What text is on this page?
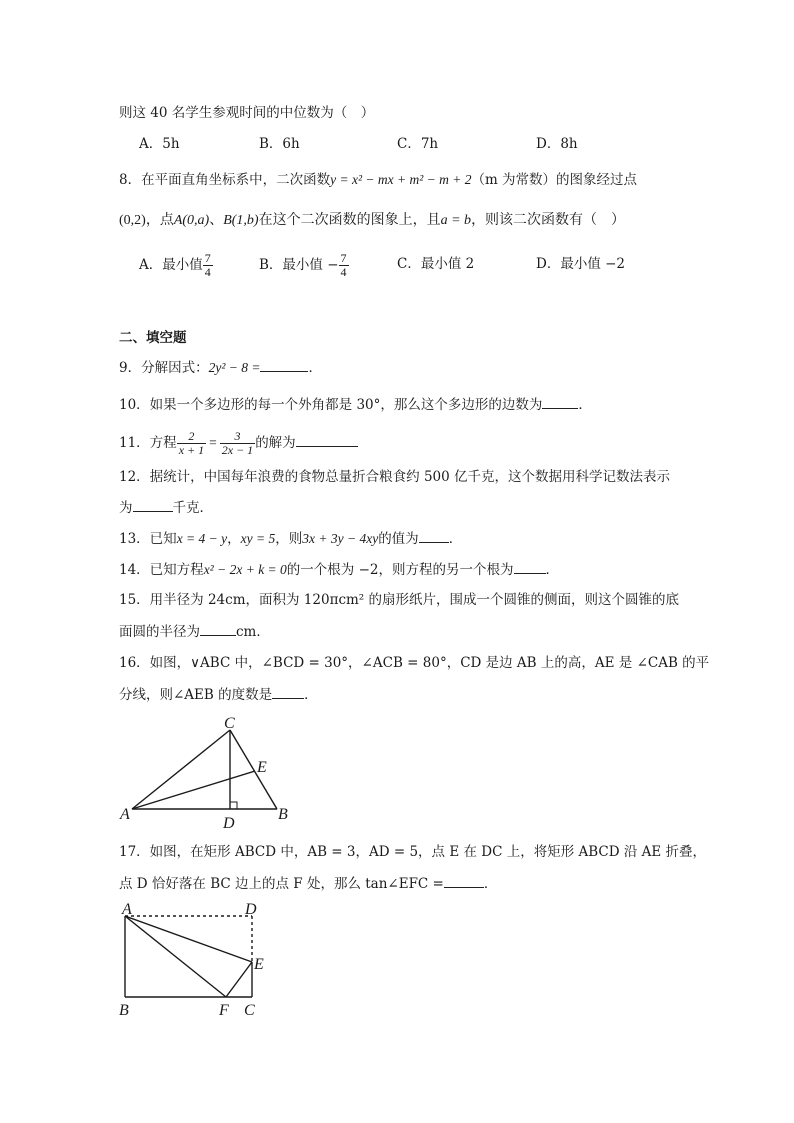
则这 40 名学生参观时间的中位数为（　）
A．5h	B．6h	C．7h	D．8h
8．在平面直角坐标系中，二次函数y = x² − mx + m² − m + 2（m 为常数）的图象经过点
(0,2)，点A(0,a)、B(1,b)在这个二次函数的图象上，且a = b，则该二次函数有（　）
A．最小值 $\frac{7}{4}$	B．最小值 − $\frac{7}{4}$	C．最小值 2	D．最小值 −2
二、填空题
9．分解因式：2y² − 8 =	．
10．如果一个多边形的每一个外角都是 30°，那么这个多边形的边数为	．
11．方程 $\frac{2}{x + 1} = \frac{3}{2x - 1}$ 的解为
12．据统计，中国每年浪费的食物总量折合粮食约 500 亿千克，这个数据用科学记数法表示
为	千克．
13．已知x = 4 − y，xy = 5，则3x + 3y − 4xy的值为 ．
14．已知方程x² − 2x + k = 0的一个根为 −2，则方程的另一个根为 ．
15．用半径为 24cm，面积为 120πcm² 的扇形纸片，围成一个圆锥的侧面，则这个圆锥的底
面圆的半径为	cm．
16．如图，∨ABC 中，∠BCD = 30°，∠ACB = 80°，CD 是边 AB 上的高，AE 是 ∠CAB 的平
分线，则∠AEB 的度数是 ．
C
E
A	B
D
17．如图，在矩形 ABCD 中，AB = 3，AD = 5，点 E 在 DC 上，将矩形 ABCD 沿 AE 折叠，
点 D 恰好落在 BC 边上的点 F 处，那么 tan∠EFC =	．
A	D
E
B	F C
